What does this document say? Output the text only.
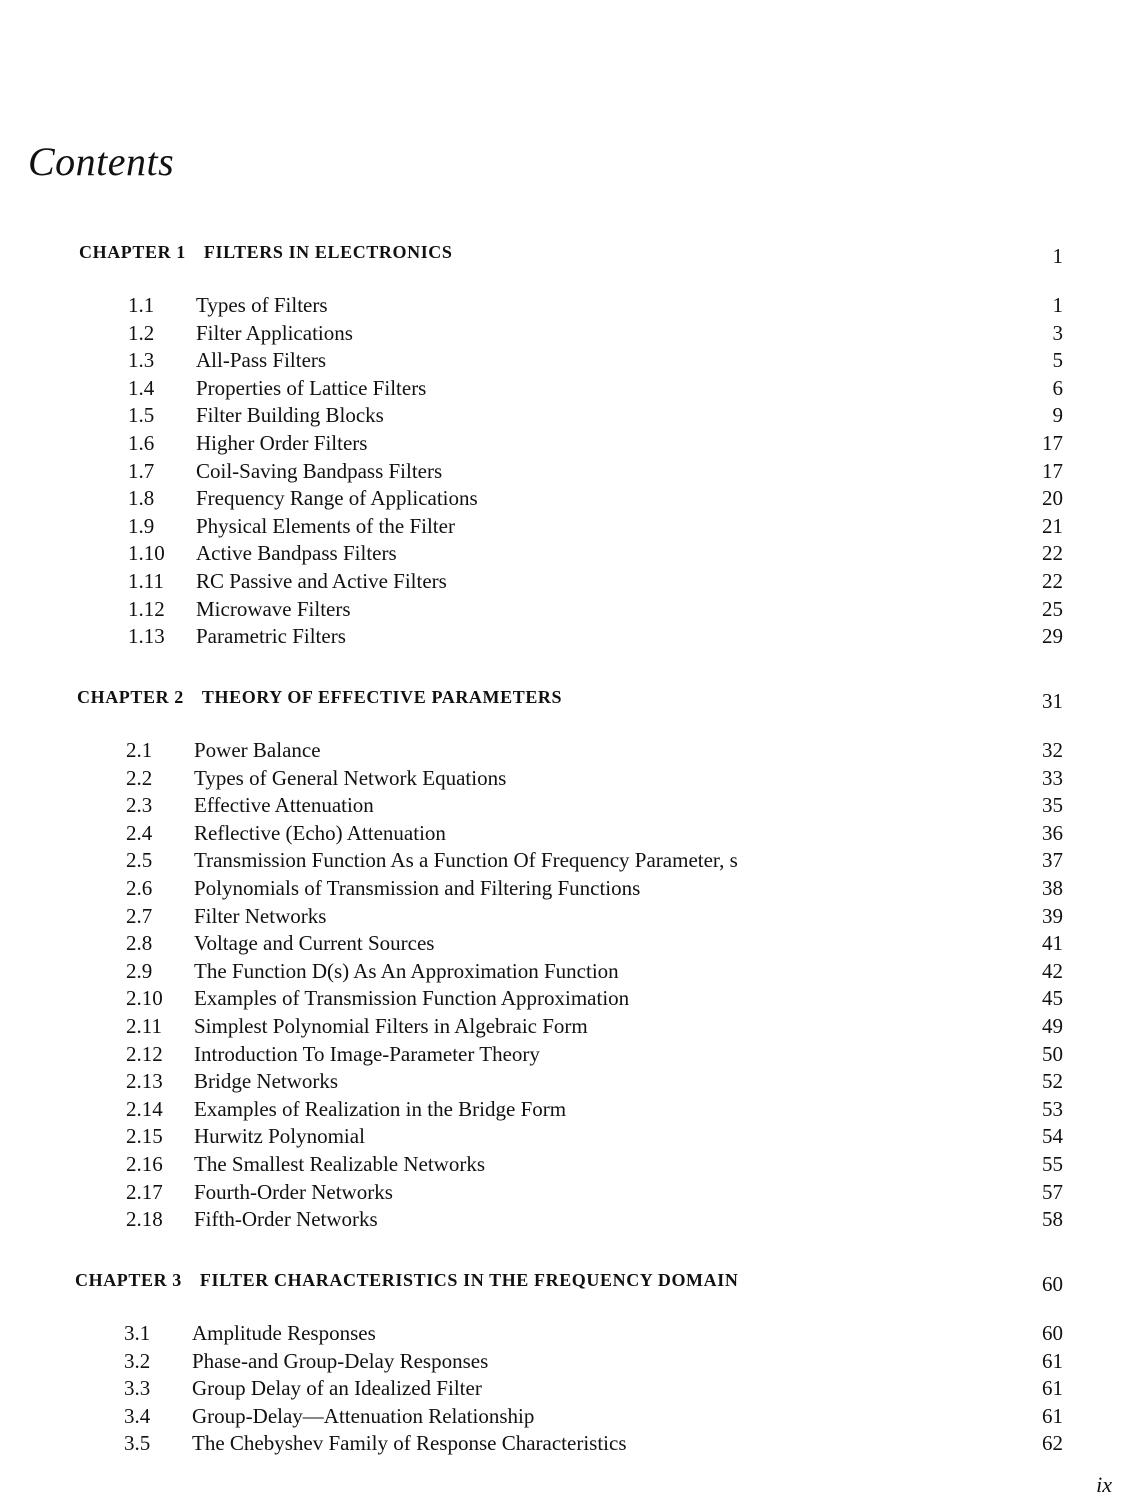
Contents
CHAPTER 1 FILTERS IN ELECTRONICS	1
1.1 Types of Filters	1
1.2 Filter Applications	3
1.3 All-Pass Filters	5
1.4 Properties of Lattice Filters	6
1.5 Filter Building Blocks	9
1.6 Higher Order Filters	17
1.7 Coil-Saving Bandpass Filters	17
1.8 Frequency Range of Applications	20
1.9 Physical Elements of the Filter	21
1.10 Active Bandpass Filters	22
1.11 RC Passive and Active Filters	22
1.12 Microwave Filters	25
1.13 Parametric Filters	29
CHAPTER 2 THEORY OF EFFECTIVE PARAMETERS	31
2.1 Power Balance	32
2.2 Types of General Network Equations	33
2.3 Effective Attenuation	35
2.4 Reflective (Echo) Attenuation	36
2.5 Transmission Function As a Function Of Frequency Parameter, s	37
2.6 Polynomials of Transmission and Filtering Functions	38
2.7 Filter Networks	39
2.8 Voltage and Current Sources	41
2.9 The Function D(s) As An Approximation Function	42
2.10 Examples of Transmission Function Approximation	45
2.11 Simplest Polynomial Filters in Algebraic Form	49
2.12 Introduction To Image-Parameter Theory	50
2.13 Bridge Networks	52
2.14 Examples of Realization in the Bridge Form	53
2.15 Hurwitz Polynomial	54
2.16 The Smallest Realizable Networks	55
2.17 Fourth-Order Networks	57
2.18 Fifth-Order Networks	58
CHAPTER 3 FILTER CHARACTERISTICS IN THE FREQUENCY DOMAIN	60
3.1 Amplitude Responses	60
3.2 Phase-and Group-Delay Responses	61
3.3 Group Delay of an Idealized Filter	61
3.4 Group-Delay—Attenuation Relationship	61
3.5 The Chebyshev Family of Response Characteristics	62
ix
